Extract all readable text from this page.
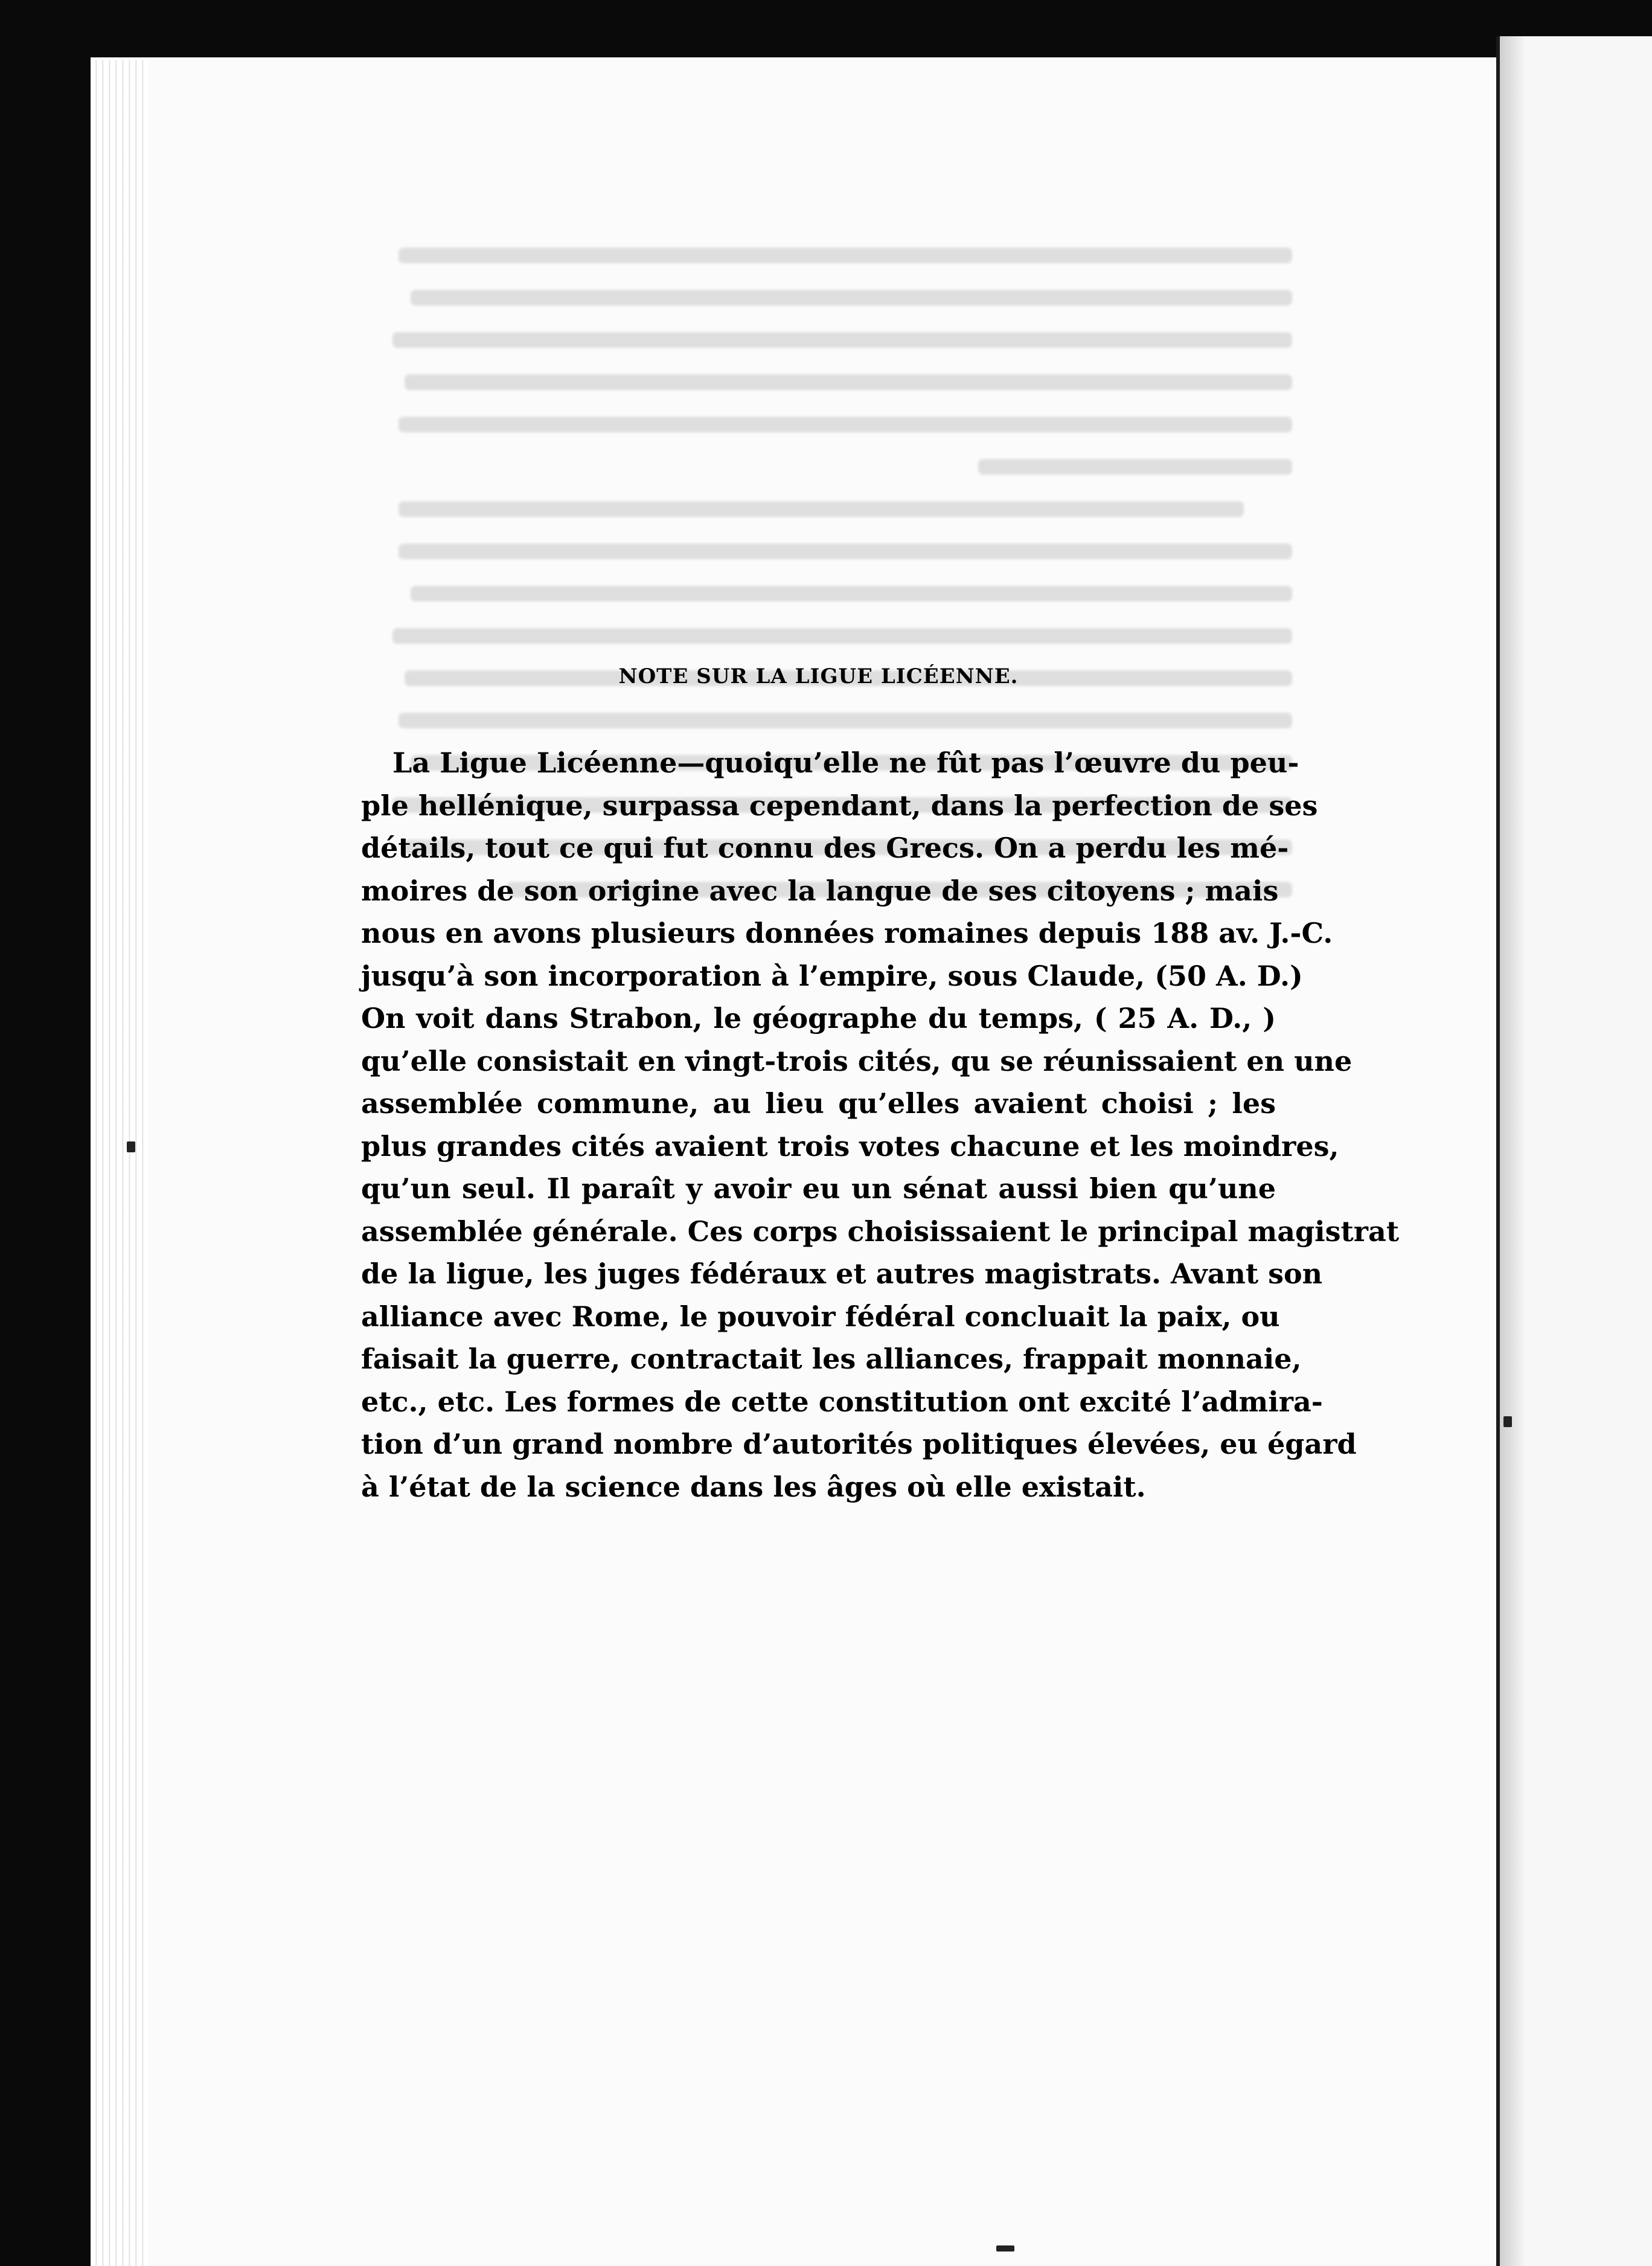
NOTE SUR LA LIGUE LICÉENNE.
La Ligue Licéenne—quoiqu’elle ne fût pas l’œuvre du peu-
ple hellénique, surpassa cependant, dans la perfection de ses
détails, tout ce qui fut connu des Grecs. On a perdu les mé-
moires de son origine avec la langue de ses citoyens ; mais
nous en avons plusieurs données romaines depuis 188 av. J.-C.
jusqu’à son incorporation à l’empire, sous Claude, (50 A. D.)
On voit dans Strabon, le géographe du temps, ( 25 A. D., )
qu’elle consistait en vingt-trois cités, qu se réunissaient en une
assemblée commune, au lieu qu’elles avaient choisi ; les
plus grandes cités avaient trois votes chacune et les moindres,
qu’un seul. Il paraît y avoir eu un sénat aussi bien qu’une
assemblée générale. Ces corps choisissaient le principal magistrat
de la ligue, les juges fédéraux et autres magistrats. Avant son
alliance avec Rome, le pouvoir fédéral concluait la paix, ou
faisait la guerre, contractait les alliances, frappait monnaie,
etc., etc. Les formes de cette constitution ont excité l’admira-
tion d’un grand nombre d’autorités politiques élevées, eu égard
à l’état de la science dans les âges où elle existait.
